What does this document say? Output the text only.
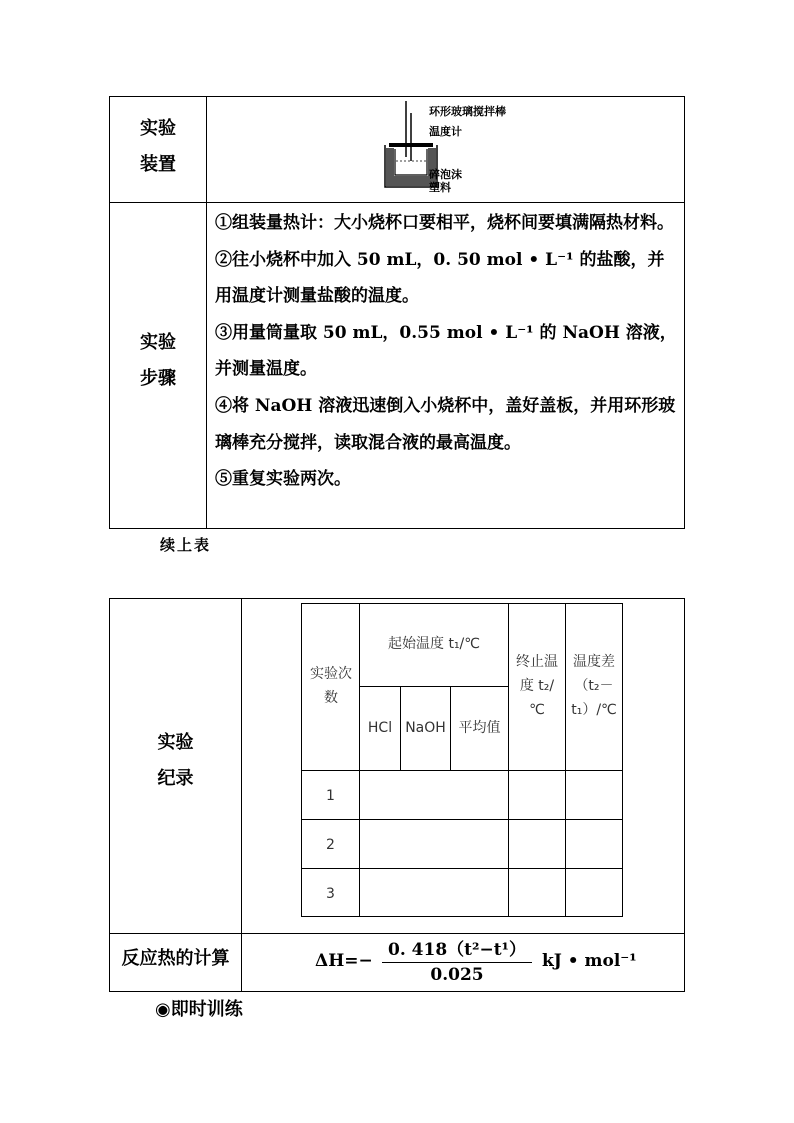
实验
装置
环形玻璃搅拌棒
温度计
碎泡沫
塑料
实验
步骤

①组装量热计：大小烧杯口要相平，烧杯间要填满隔热材料。

②往小烧杯中加入 50 mL，0. 50 mol • L⁻¹ 的盐酸，并用温度计测量盐酸的温度。

③用量筒量取 50 mL，0.55 mol • L⁻¹ 的 NaOH 溶液，并测量温度。

④将 NaOH 溶液迅速倒入小烧杯中，盖好盖板，并用环形玻璃棒充分搅拌，读取混合液的最高温度。

⑤重复实验两次。

续上表
实验
纪录
实验次数
起始温度 t₁/℃
HCl NaOH 平均值
终止温度 t₂/℃
温度差（t₂－t₁）/℃
1
2
3
反应热的计算	ΔH=−
0. 418（t²−t¹）
0.025
kJ • mol⁻¹
◉即时训练
